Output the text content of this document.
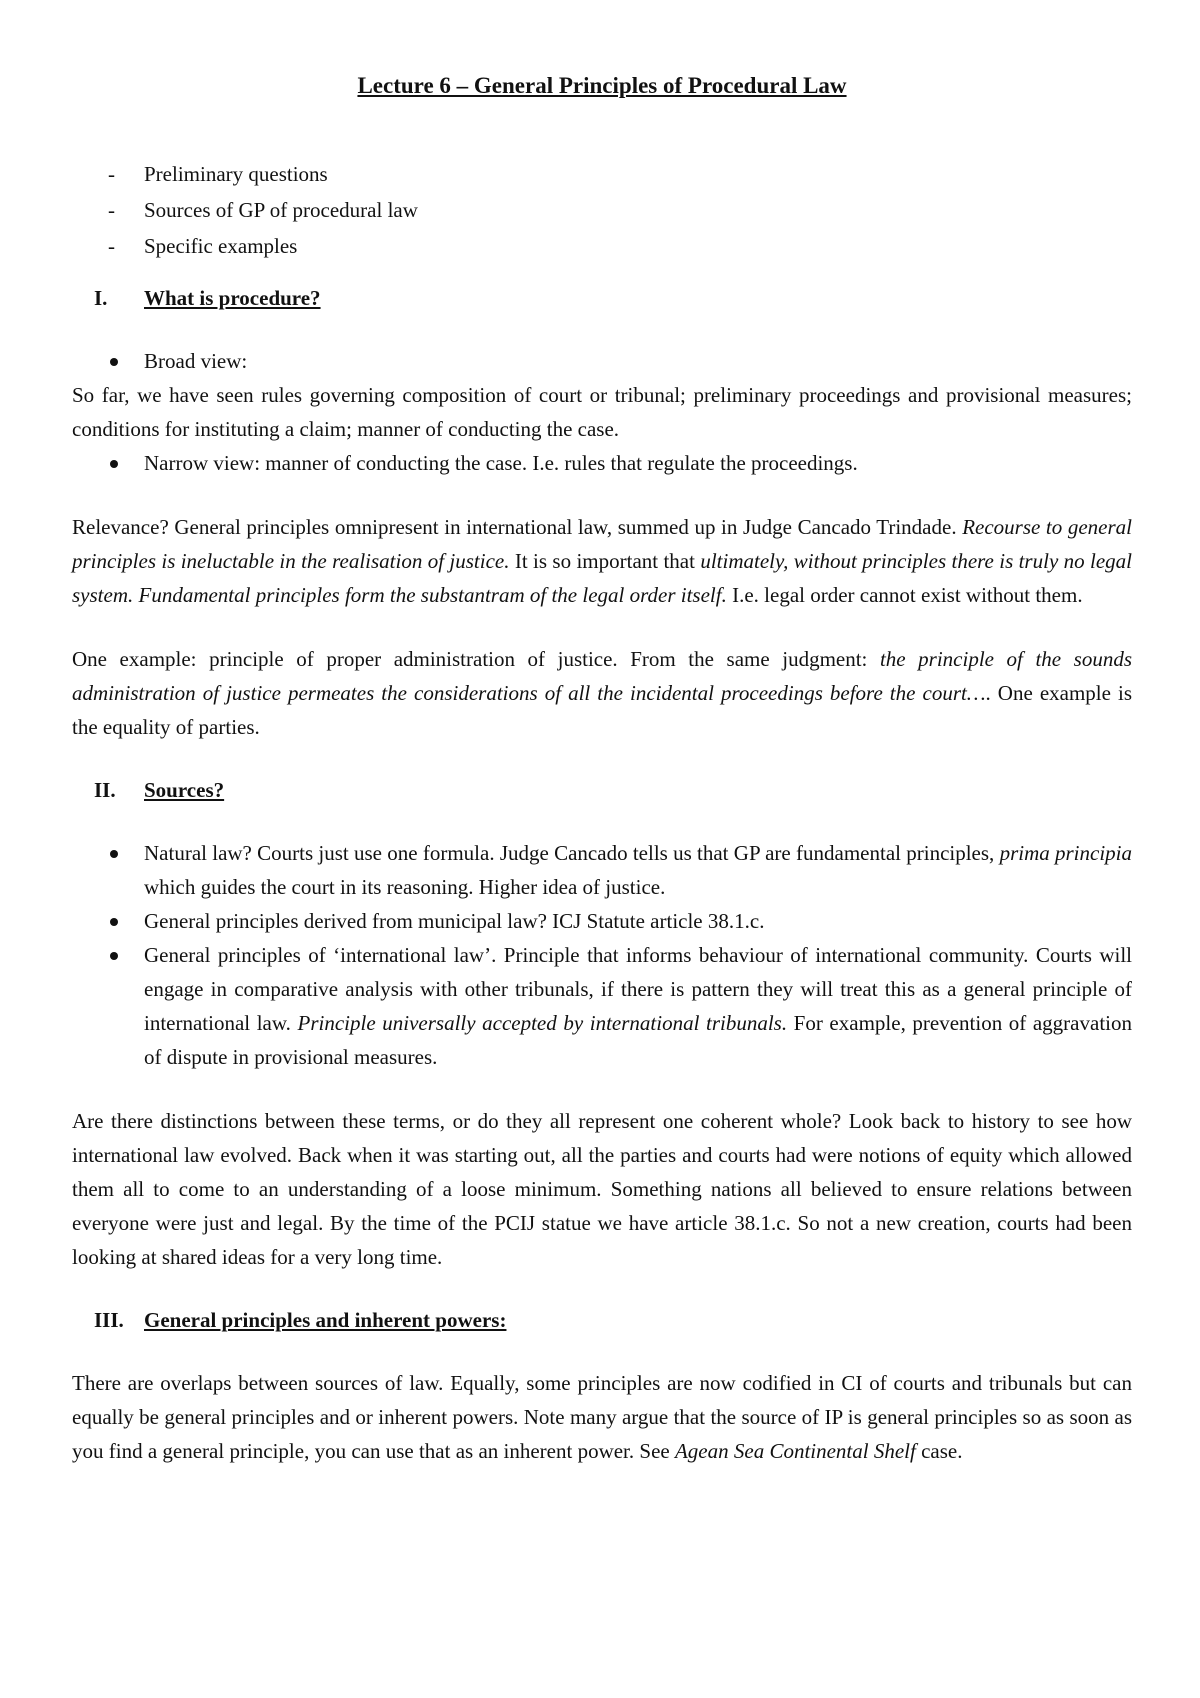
Lecture 6 – General Principles of Procedural Law
- Preliminary questions
- Sources of GP of procedural law
- Specific examples
I.	What is procedure?
Broad view:

So far, we have seen rules governing composition of court or tribunal; preliminary proceedings and provisional measures; conditions for instituting a claim; manner of conducting the case.

Narrow view: manner of conducting the case. I.e. rules that regulate the proceedings.

Relevance? General principles omnipresent in international law, summed up in Judge Cancado Trindade. Recourse to general principles is ineluctable in the realisation of justice. It is so important that ultimately, without principles there is truly no legal system. Fundamental principles form the substantram of the legal order itself. I.e. legal order cannot exist without them.

One example: principle of proper administration of justice. From the same judgment: the principle of the sounds administration of justice permeates the considerations of all the incidental proceedings before the court…. One example is the equality of parties.

II.	Sources?
Natural law? Courts just use one formula. Judge Cancado tells us that GP are fundamental principles, prima principia which guides the court in its reasoning. Higher idea of justice.
General principles derived from municipal law? ICJ Statute article 38.1.c.
General principles of ‘international law’. Principle that informs behaviour of international community. Courts will engage in comparative analysis with other tribunals, if there is pattern they will treat this as a general principle of international law. Principle universally accepted by international tribunals. For example, prevention of aggravation of dispute in provisional measures.

Are there distinctions between these terms, or do they all represent one coherent whole? Look back to history to see how international law evolved. Back when it was starting out, all the parties and courts had were notions of equity which allowed them all to come to an understanding of a loose minimum. Something nations all believed to ensure relations between everyone were just and legal. By the time of the PCIJ statue we have article 38.1.c. So not a new creation, courts had been looking at shared ideas for a very long time.

III. General principles and inherent powers:

There are overlaps between sources of law. Equally, some principles are now codified in CI of courts and tribunals but can equally be general principles and or inherent powers. Note many argue that the source of IP is general principles so as soon as you find a general principle, you can use that as an inherent power. See Agean Sea Continental Shelf case.
